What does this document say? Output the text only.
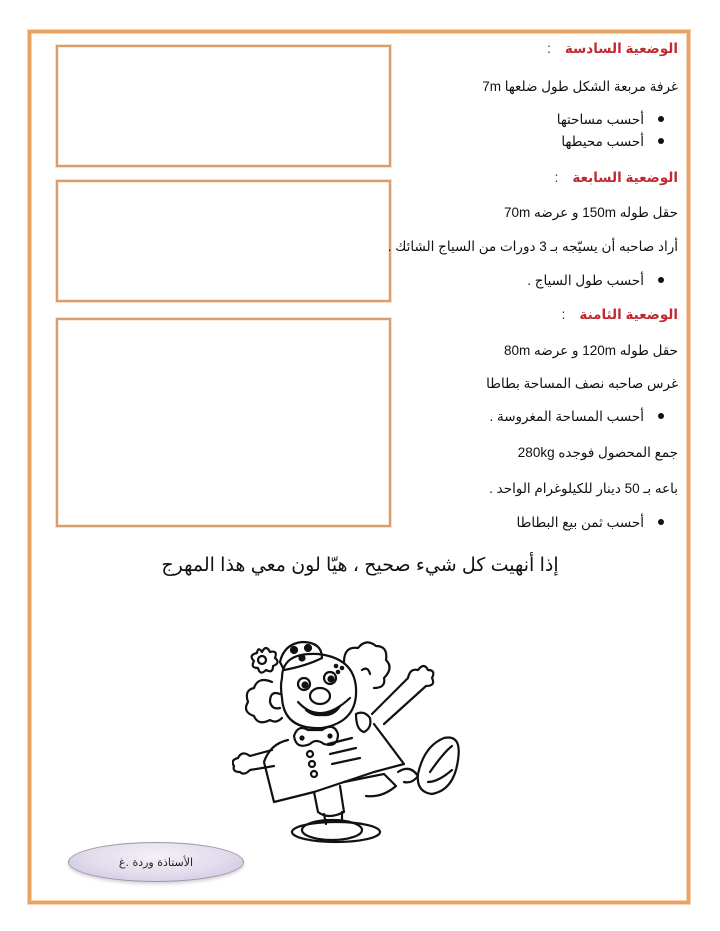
الوضعية السادسة:
غرفة مربعة الشكل طول ضلعها 7m
أحسب مساحتها
أحسب محيطها
الوضعية السابعة:
حقل طوله 150m و عرضه 70m
أراد صاحبه أن يسيّجه بـ 3 دورات من السياج الشائك .
أحسب طول السياج .
الوضعية الثامنة:
حقل طوله 120m و عرضه 80m
غرس صاحبه نصف المساحة بطاطا
أحسب المساحة المغروسة .
جمع المحصول فوجده 280kg
باعه بـ 50 دينار للكيلوغرام الواحد .
أحسب ثمن بيع البطاطا
إذا أنهيت كل شيء صحيح ، هيّا لون معي هذا المهرج
الأستاذة وردة .غ
